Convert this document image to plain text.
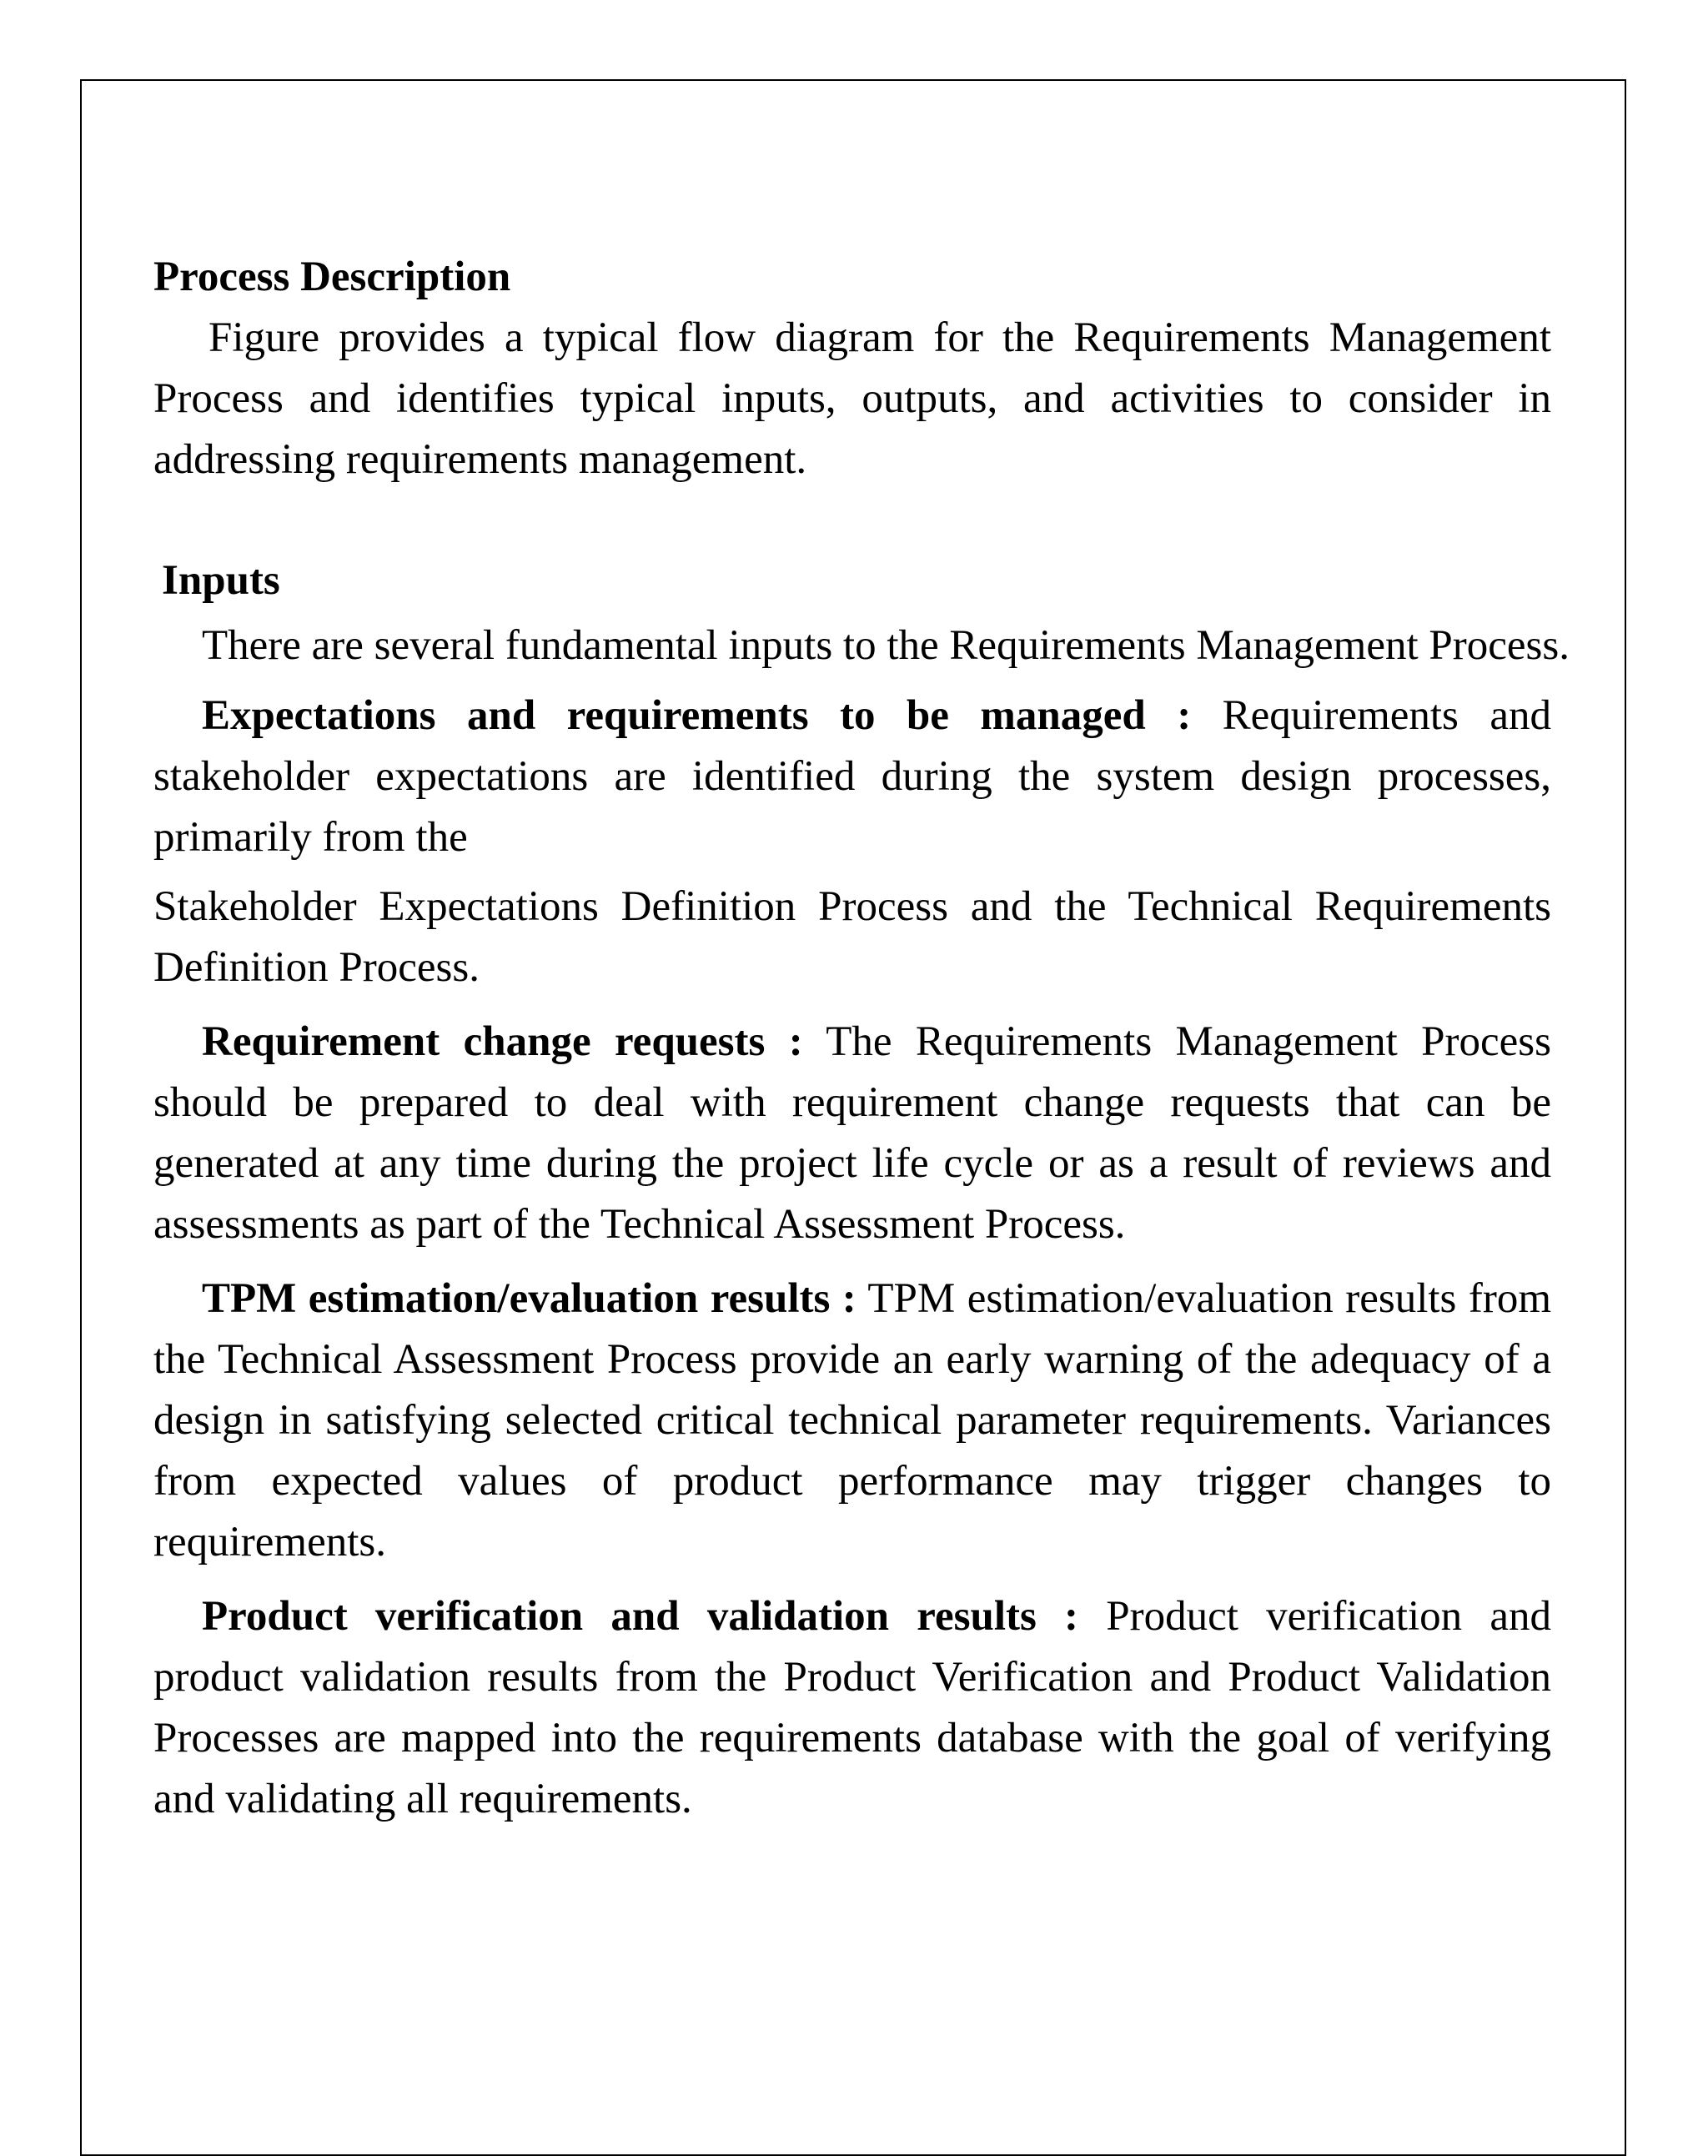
Process Description

Figure provides a typical flow diagram for the Requirements Management Process and identifies typical inputs, outputs, and activities to consider in addressing requirements management.

Inputs

There are several fundamental inputs to the Requirements Management Process.

Expectations and requirements to be managed : Requirements and stakeholder expectations are identified during the system design processes, primarily from the

Stakeholder Expectations Definition Process and the Technical Requirements Definition Process.

Requirement change requests : The Requirements Management Process should be prepared to deal with requirement change requests that can be generated at any time during the project life cycle or as a result of reviews and assessments as part of the Technical Assessment Process.

TPM estimation/evaluation results : TPM estimation/evaluation results from the Technical Assessment Process provide an early warning of the adequacy of a design in satisfying selected critical technical parameter requirements. Variances from expected values of product performance may trigger changes to requirements.

Product verification and validation results : Product verification and product validation results from the Product Verification and Product Validation Processes are mapped into the requirements database with the goal of verifying and validating all requirements.
